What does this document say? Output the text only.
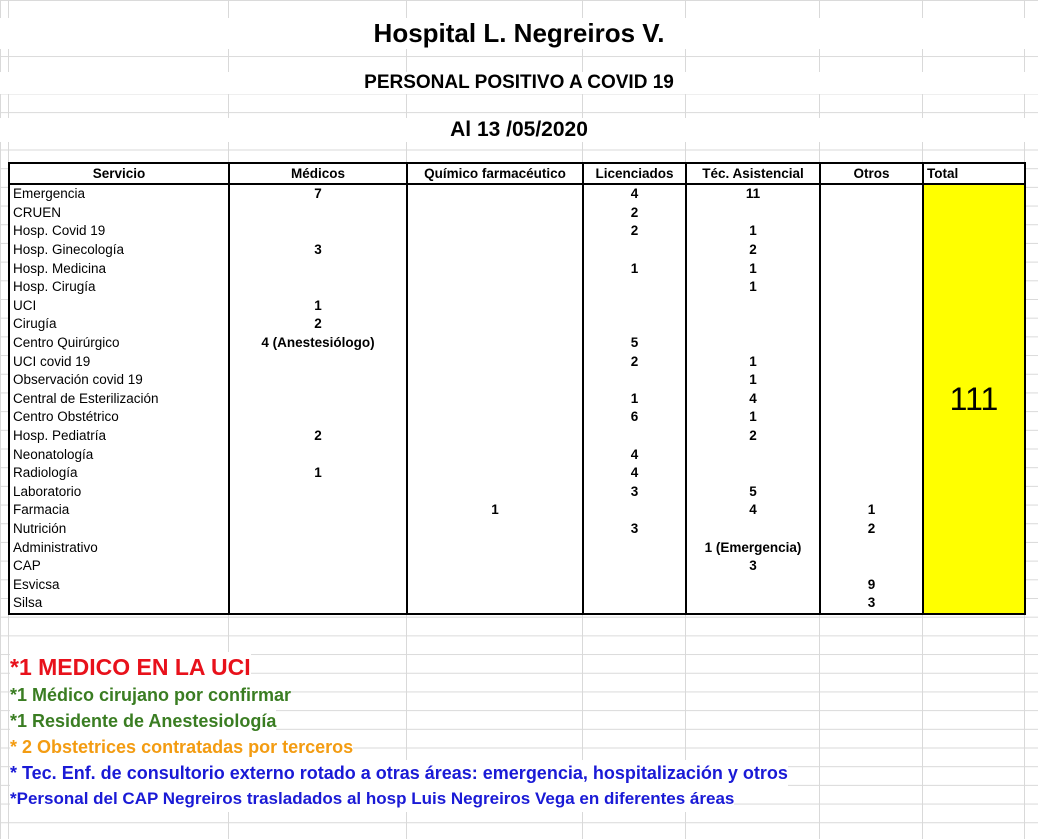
Hospital L. Negreiros V.
PERSONAL POSITIVO A COVID 19
Al 13 /05/2020
Servicio	Médicos	Químico farmacéutico	Licenciados	Téc. Asistencial	Otros	Total
Emergencia	7		4	11		111
CRUEN			2			
Hosp. Covid 19			2	1		
Hosp. Ginecología	3			2		
Hosp. Medicina			1	1		
Hosp. Cirugía				1		
UCI	1					
Cirugía	2					
Centro Quirúrgico	4 (Anestesiólogo)		5			
UCI covid 19			2	1		
Observación covid 19				1		
Central de Esterilización			1	4		
Centro Obstétrico			6	1		
Hosp. Pediatría	2			2		
Neonatología			4			
Radiología	1		4			
Laboratorio			3	5		
Farmacia		1		4	1	
Nutrición			3		2	
Administrativo				1 (Emergencia)		
CAP				3		
Esvicsa					9	
Silsa					3	
*1 MEDICO EN LA UCI
*1 Médico cirujano por confirmar
*1 Residente de Anestesiología
* 2 Obstetrices contratadas por terceros
* Tec. Enf. de consultorio externo rotado a otras áreas: emergencia, hospitalización y otros
*Personal del CAP Negreiros trasladados al hosp Luis Negreiros Vega en diferentes áreas
